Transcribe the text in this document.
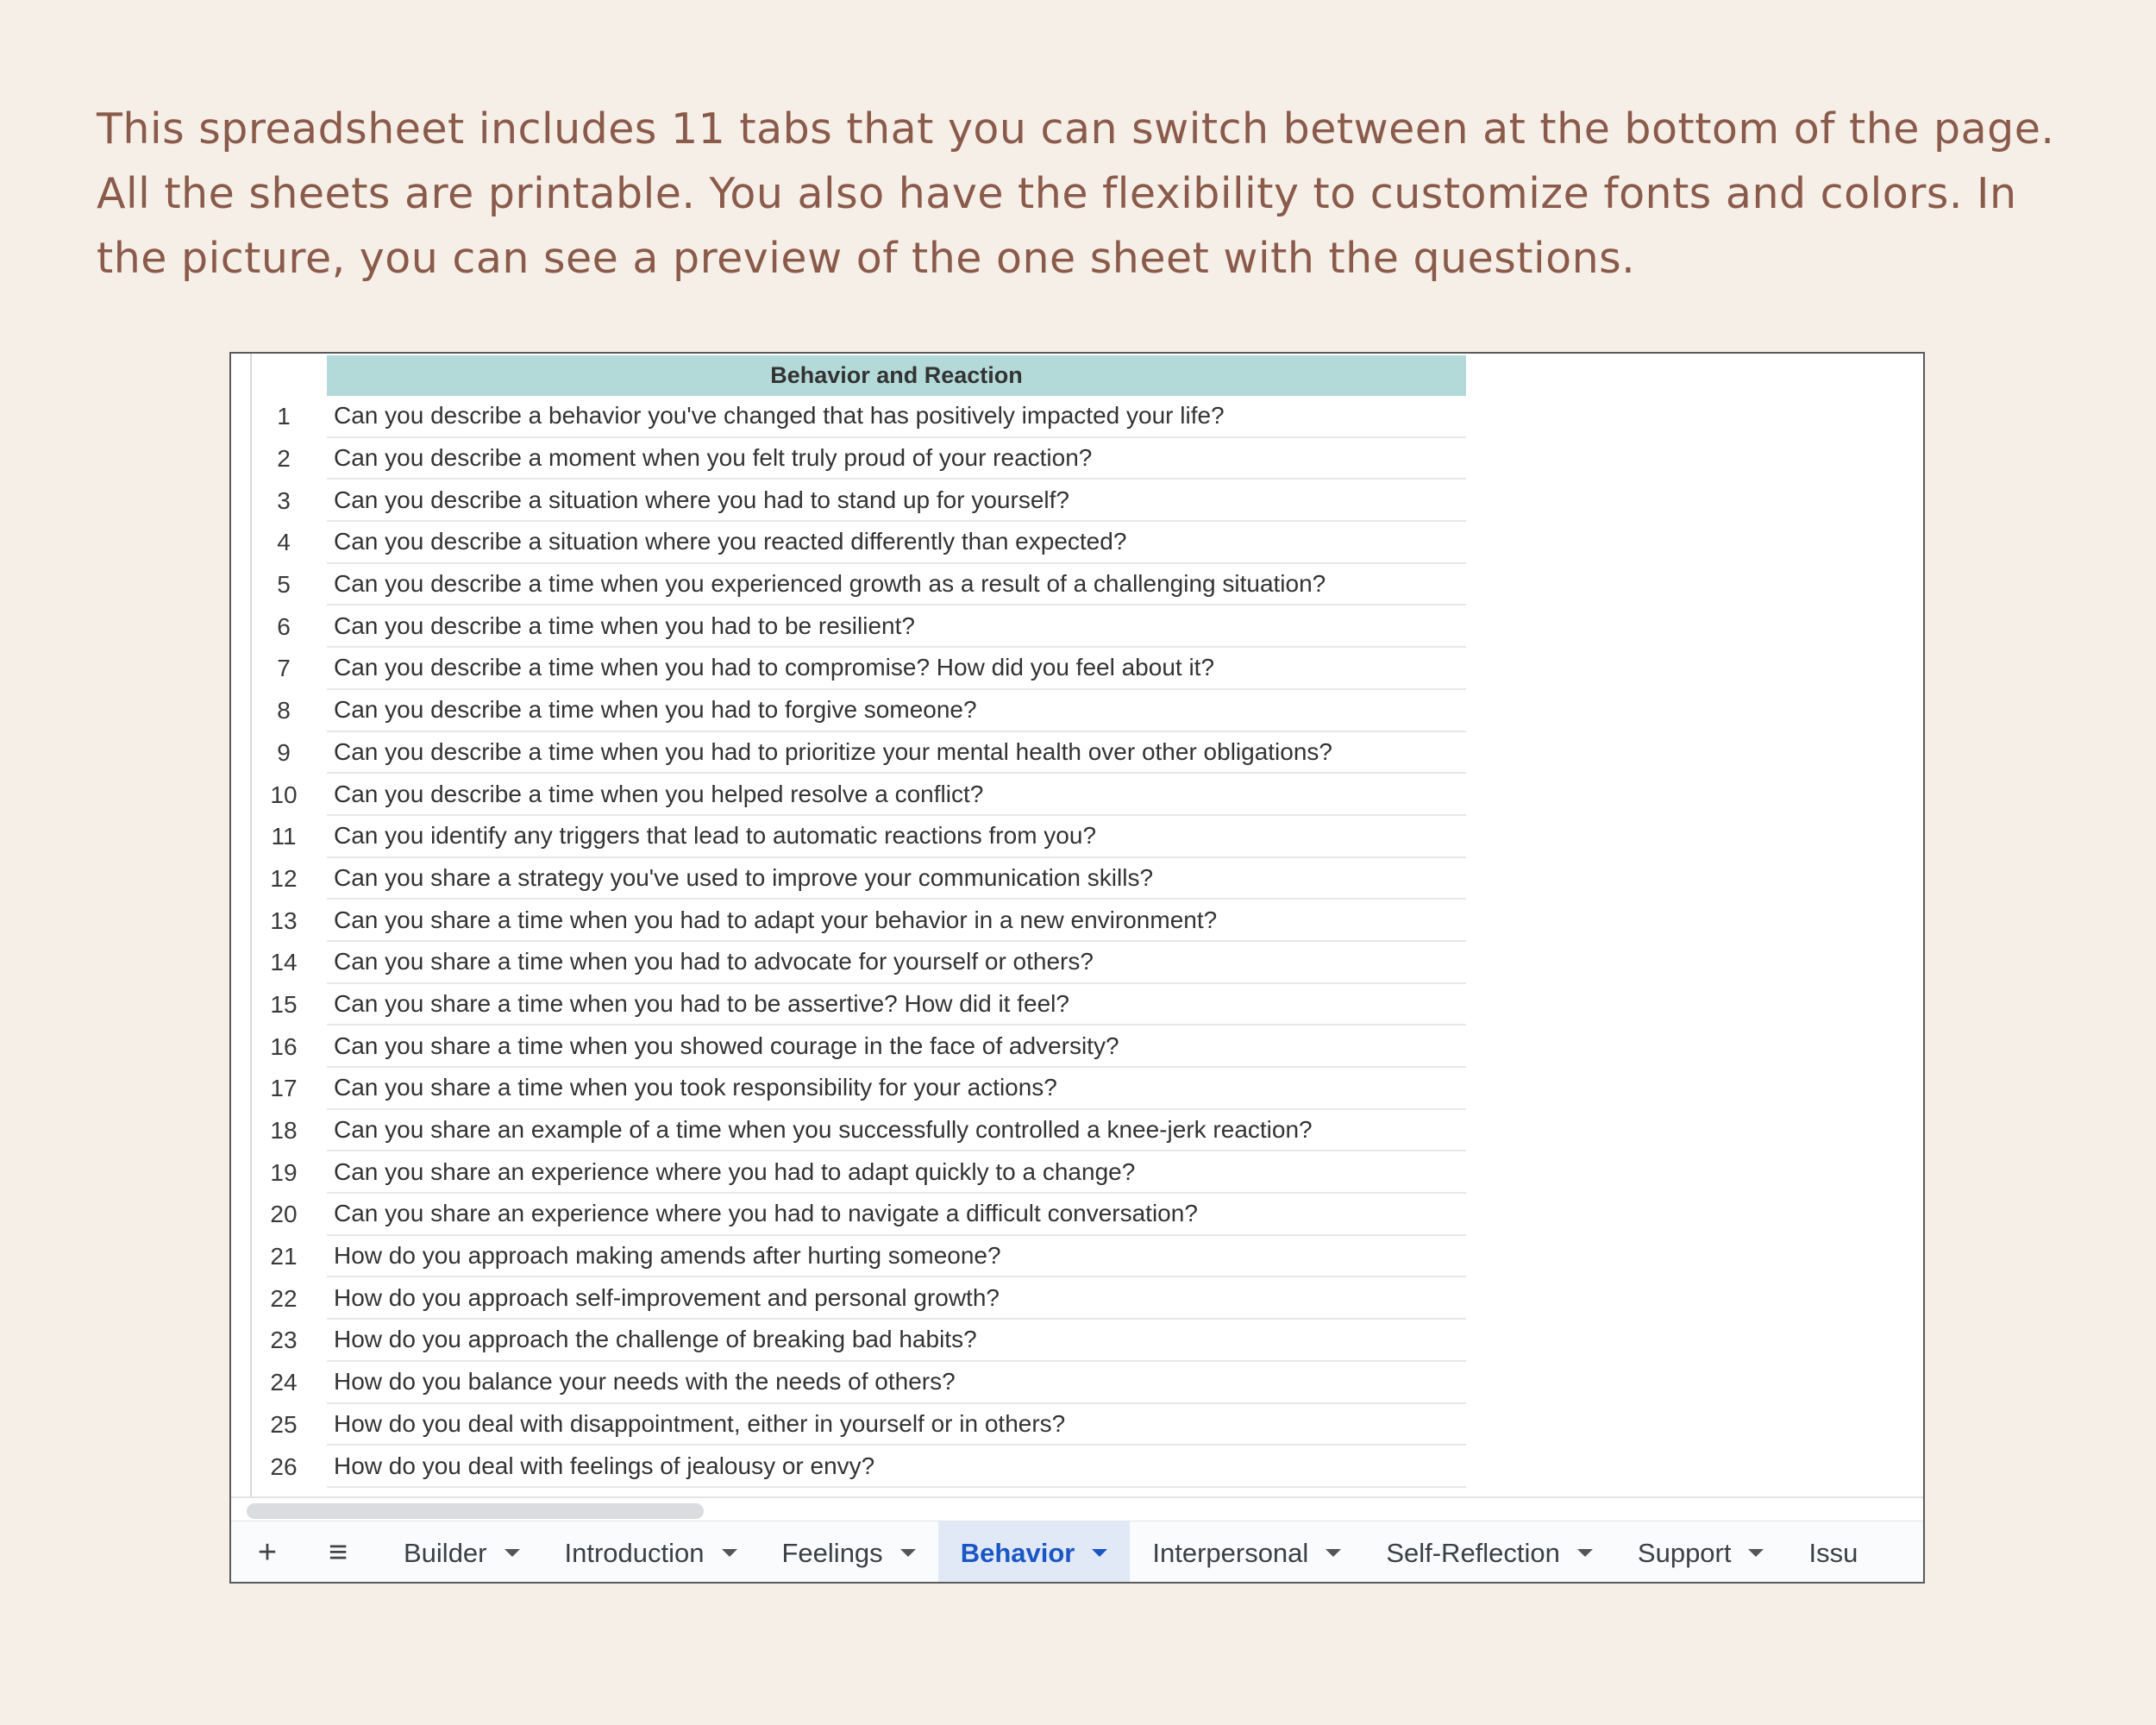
This spreadsheet includes 11 tabs that you can switch between at the bottom of the page. All the sheets are printable. You also have the flexibility to customize fonts and colors. In the picture, you can see a preview of the one sheet with the questions.

Behavior and Reaction
1	Can you describe a behavior you've changed that has positively impacted your life?
2	Can you describe a moment when you felt truly proud of your reaction?
3	Can you describe a situation where you had to stand up for yourself?
4	Can you describe a situation where you reacted differently than expected?
5	Can you describe a time when you experienced growth as a result of a challenging situation?
6	Can you describe a time when you had to be resilient?
7	Can you describe a time when you had to compromise? How did you feel about it?
8	Can you describe a time when you had to forgive someone?
9	Can you describe a time when you had to prioritize your mental health over other obligations?
10	Can you describe a time when you helped resolve a conflict?
11	Can you identify any triggers that lead to automatic reactions from you?
12	Can you share a strategy you've used to improve your communication skills?
13	Can you share a time when you had to adapt your behavior in a new environment?
14	Can you share a time when you had to advocate for yourself or others?
15	Can you share a time when you had to be assertive? How did it feel?
16	Can you share a time when you showed courage in the face of adversity?
17	Can you share a time when you took responsibility for your actions?
18	Can you share an example of a time when you successfully controlled a knee-jerk reaction?
19	Can you share an experience where you had to adapt quickly to a change?
20	Can you share an experience where you had to navigate a difficult conversation?
21	How do you approach making amends after hurting someone?
22	How do you approach self-improvement and personal growth?
23	How do you approach the challenge of breaking bad habits?
24	How do you balance your needs with the needs of others?
25	How do you deal with disappointment, either in yourself or in others?
26	How do you deal with feelings of jealousy or envy?
+	≡	Builder	Introduction	Feelings	Behavior	Interpersonal	Self-Reflection	Support	Issu
